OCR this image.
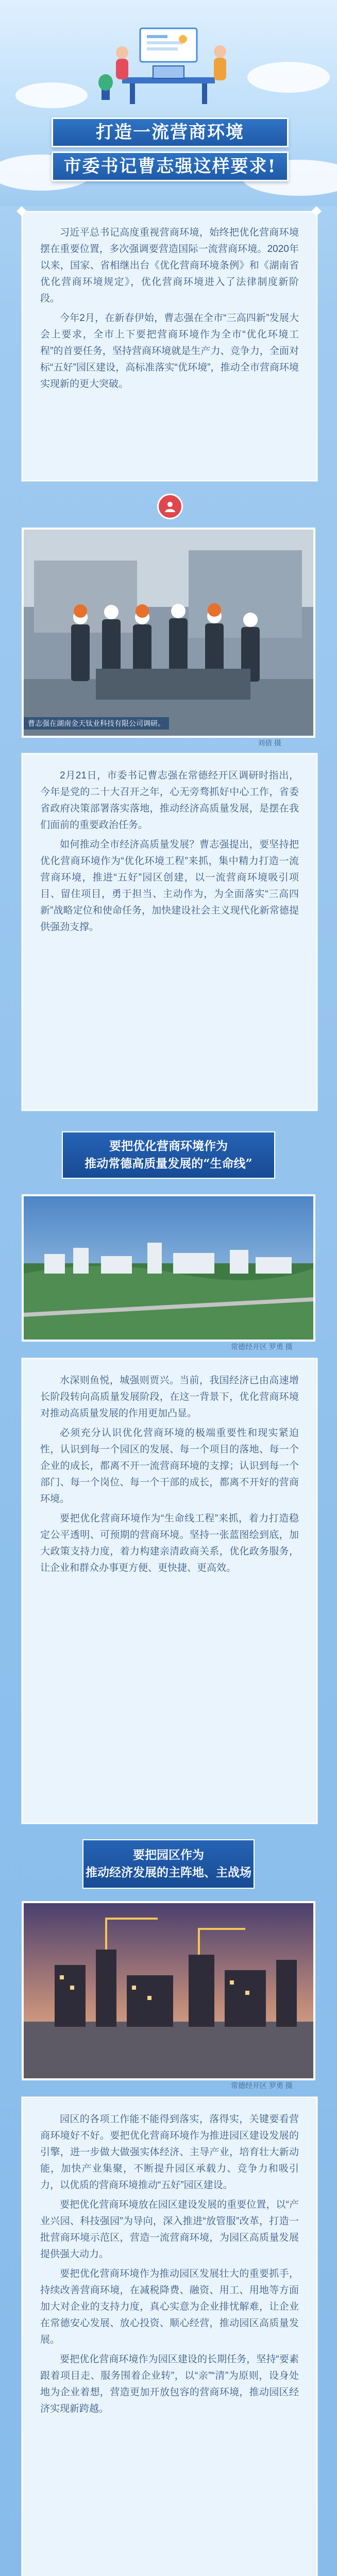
打造一流营商环境
市委书记曹志强这样要求!

习近平总书记高度重视营商环境，始终把优化营商环境摆在重要位置，多次强调要营造国际一流营商环境。2020年以来，国家、省相继出台《优化营商环境条例》和《湖南省优化营商环境规定》，优化营商环境进入了法律制度新阶段。

今年2月，在新春伊始，曹志强在全市“三高四新”发展大会上要求，全市上下要把营商环境作为全市“优化环境工程”的首要任务，坚持营商环境就是生产力、竞争力，全面对标“五好”园区建设，高标准落实“优环境”，推动全市营商环境实现新的更大突破。

曹志强在湖南金天钛业科技有限公司调研。
刘倩 摄

2月21日，市委书记曹志强在常德经开区调研时指出，今年是党的二十大召开之年，心无旁骛抓好中心工作，省委省政府决策部署落实落地，推动经济高质量发展，是摆在我们面前的重要政治任务。

如何推动全市经济高质量发展？曹志强提出，要坚持把优化营商环境作为“优化环境工程”来抓，集中精力打造一流营商环境，推进“五好”园区创建，以一流营商环境吸引项目、留住项目，勇于担当、主动作为，为全面落实“三高四新”战略定位和使命任务，加快建设社会主义现代化新常德提供强劲支撑。

要把优化营商环境作为
推动常德高质量发展的“生命线”
常德经开区 罗勇 摄

水深则鱼悦，城强则贾兴。当前，我国经济已由高速增长阶段转向高质量发展阶段，在这一背景下，优化营商环境对推动高质量发展的作用更加凸显。

必须充分认识优化营商环境的极端重要性和现实紧迫性，认识到每一个园区的发展、每一个项目的落地、每一个企业的成长，都离不开一流营商环境的支撑；认识到每一个部门、每一个岗位、每一个干部的成长，都离不开好的营商环境。

要把优化营商环境作为“生命线工程”来抓，着力打造稳定公平透明、可预期的营商环境。坚持一张蓝图绘到底，加大政策支持力度，着力构建亲清政商关系，优化政务服务，让企业和群众办事更方便、更快捷、更高效。

要把园区作为
推动经济发展的主阵地、主战场
常德经开区 罗勇 摄

园区的各项工作能不能得到落实，落得实，关键要看营商环境好不好。要把优化营商环境作为推进园区建设发展的引擎，进一步做大做强实体经济、主导产业，培育壮大新动能，加快产业集聚，不断提升园区承载力、竞争力和吸引力，以优质的营商环境推动“五好”园区建设。

要把优化营商环境放在园区建设发展的重要位置，以“产业兴园、科技强园”为导向，深入推进“放管服”改革，打造一批营商环境示范区，营造一流营商环境，为园区高质量发展提供强大动力。

要把优化营商环境作为推动园区发展壮大的重要抓手，持续改善营商环境，在减税降费、融资、用工、用地等方面加大对企业的支持力度，真心实意为企业排忧解难，让企业在常德安心发展、放心投资、顺心经营，推动园区高质量发展。

要把优化营商环境作为园区建设的长期任务，坚持“要素跟着项目走、服务围着企业转”，以“亲”“清”为原则，设身处地为企业着想，营造更加开放包容的营商环境，推动园区经济实现新跨越。
